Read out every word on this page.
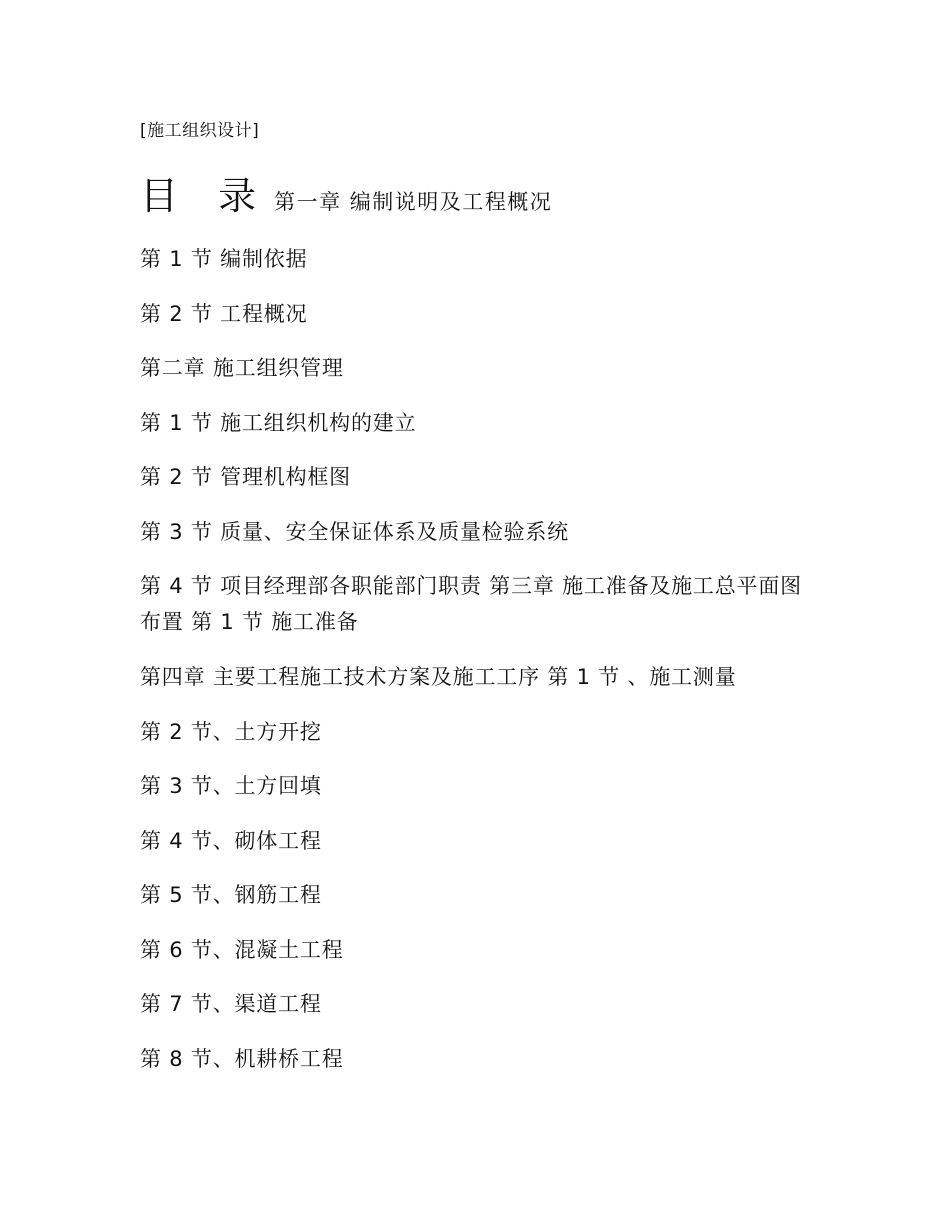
[施工组织设计]
目 录 第一章 编制说明及工程概况
第 1 节 编制依据
第 2 节 工程概况
第二章 施工组织管理
第 1 节 施工组织机构的建立
第 2 节 管理机构框图
第 3 节 质量、安全保证体系及质量检验系统
第 4 节 项目经理部各职能部门职责 第三章 施工准备及施工总平面图布置 第 1 节 施工准备
第四章 主要工程施工技术方案及施工工序 第 1 节 、施工测量
第 2 节、土方开挖
第 3 节、土方回填
第 4 节、砌体工程
第 5 节、钢筋工程
第 6 节、混凝土工程
第 7 节、渠道工程
第 8 节、机耕桥工程
